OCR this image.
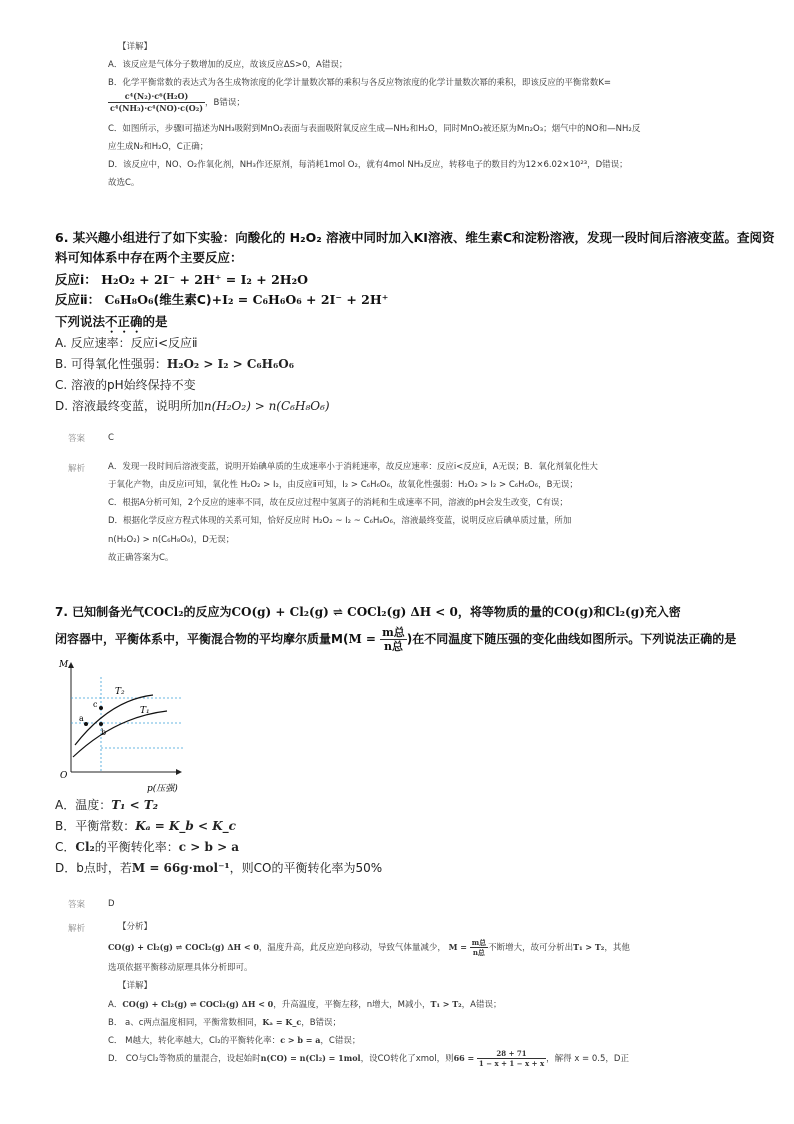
【详解】
A．该反应是气体分子数增加的反应，故该反应ΔS>0，A错误；
B．化学平衡常数的表达式为各生成物浓度的化学计量数次幂的乘积与各反应物浓度的化学计量数次幂的乘积，即该反应的平衡常数K=
$\frac{\text{c⁴(N₂)·c⁶(H₂O)}}{\text{c⁴(NH₃)·c⁴(NO)·c(O₂)}}$ ，B错误；
C．如图所示，步骤Ⅰ可描述为NH₃吸附到MnO₂表面与表面吸附氧反应生成—NH₂和H₂O，同时MnO₂被还原为Mn₂O₃；烟气中的NO和—NH₂反
应生成N₂和H₂O，C正确；
D．该反应中，NO、O₂作氧化剂，NH₃作还原剂，每消耗1mol O₂，就有4mol NH₃反应，转移电子的数目约为12×6.02×10²³，D错误；
故选C。
6. 某兴趣小组进行了如下实验：向酸化的 H₂O₂ 溶液中同时加入KI溶液、维生素C和淀粉溶液，发现一段时间后溶液变蓝。查阅资
料可知体系中存在两个主要反应：
反应ⅰ： H₂O₂ + 2I⁻ + 2H⁺ = I₂ + 2H₂O
反应ⅱ： C₆H₈O₆(维生素C)+I₂ = C₆H₆O₆ + 2I⁻ + 2H⁺
下列说法不正确的是
A. 反应速率：反应ⅰ<反应ⅱ
B. 可得氧化性强弱：H₂O₂ > I₂ > C₆H₆O₆
C. 溶液的pH始终保持不变
D. 溶液最终变蓝，说明所加n(H₂O₂) > n(C₆H₈O₆)
答案	C
解析	A．发现一段时间后溶液变蓝，说明开始碘单质的生成速率小于消耗速率，故反应速率：反应ⅰ<反应ⅱ，A无误；B．氧化剂氧化性大
于氧化产物，由反应ⅰ可知，氧化性 H₂O₂ > I₂，由反应ⅱ可知，I₂ > C₆H₆O₆，故氧化性强弱：H₂O₂ > I₂ > C₆H₆O₆，B无误；
C．根据A分析可知，2个反应的速率不同，故在反应过程中氢离子的消耗和生成速率不同，溶液的pH会发生改变，C有误；
D．根据化学反应方程式体现的关系可知，恰好反应时 H₂O₂ ~ I₂ ~ C₆H₈O₆，溶液最终变蓝，说明反应后碘单质过量，所加
n(H₂O₂) > n(C₆H₈O₆)，D无误；
故正确答案为C。
7. 已知制备光气COCl₂的反应为CO(g) + Cl₂(g) ⇌ COCl₂(g) ΔH < 0，将等物质的量的CO(g)和Cl₂(g)充入密
闭容器中，平衡体系中，平衡混合物的平均摩尔质量$M(M = \frac{\text{m总}}{\text{n总}}$ )在不同温度下随压强的变化曲线如图所示。下列说法正确的是
M
O
p(压强)
T₂
T₁
a
c
b
A．温度：T₁ < T₂
B．平衡常数：Kₐ = K_b < K_c
C．Cl₂的平衡转化率：c > b > a
D．b点时，若M = 66g·mol⁻¹，则CO的平衡转化率为50%
答案	D
解析	【分析】
CO(g) + Cl₂(g) ⇌ COCl₂(g) ΔH < 0，温度升高，此反应逆向移动，导致气体量减少， $M = \frac{\text{m总}}{\text{n总}}$ 不断增大，故可分析出T₁ > T₂，其他
选项依据平衡移动原理具体分析即可。
【详解】
A．CO(g) + Cl₂(g) ⇌ COCl₂(g) ΔH < 0，升高温度，平衡左移，n增大，M减小，T₁ > T₂，A错误；
B． a、c两点温度相同，平衡常数相同，Kₐ = K_c，B错误；
C． M越大，转化率越大，Cl₂的平衡转化率：c > b = a，C错误；
D． CO与Cl₂等物质的量混合，设起始时n(CO) = n(Cl₂) = 1mol，设CO转化了xmol，则$66 = \frac{28 + 71}{1 - x + 1 - x + x}$ ，解得 x = 0.5，D正
